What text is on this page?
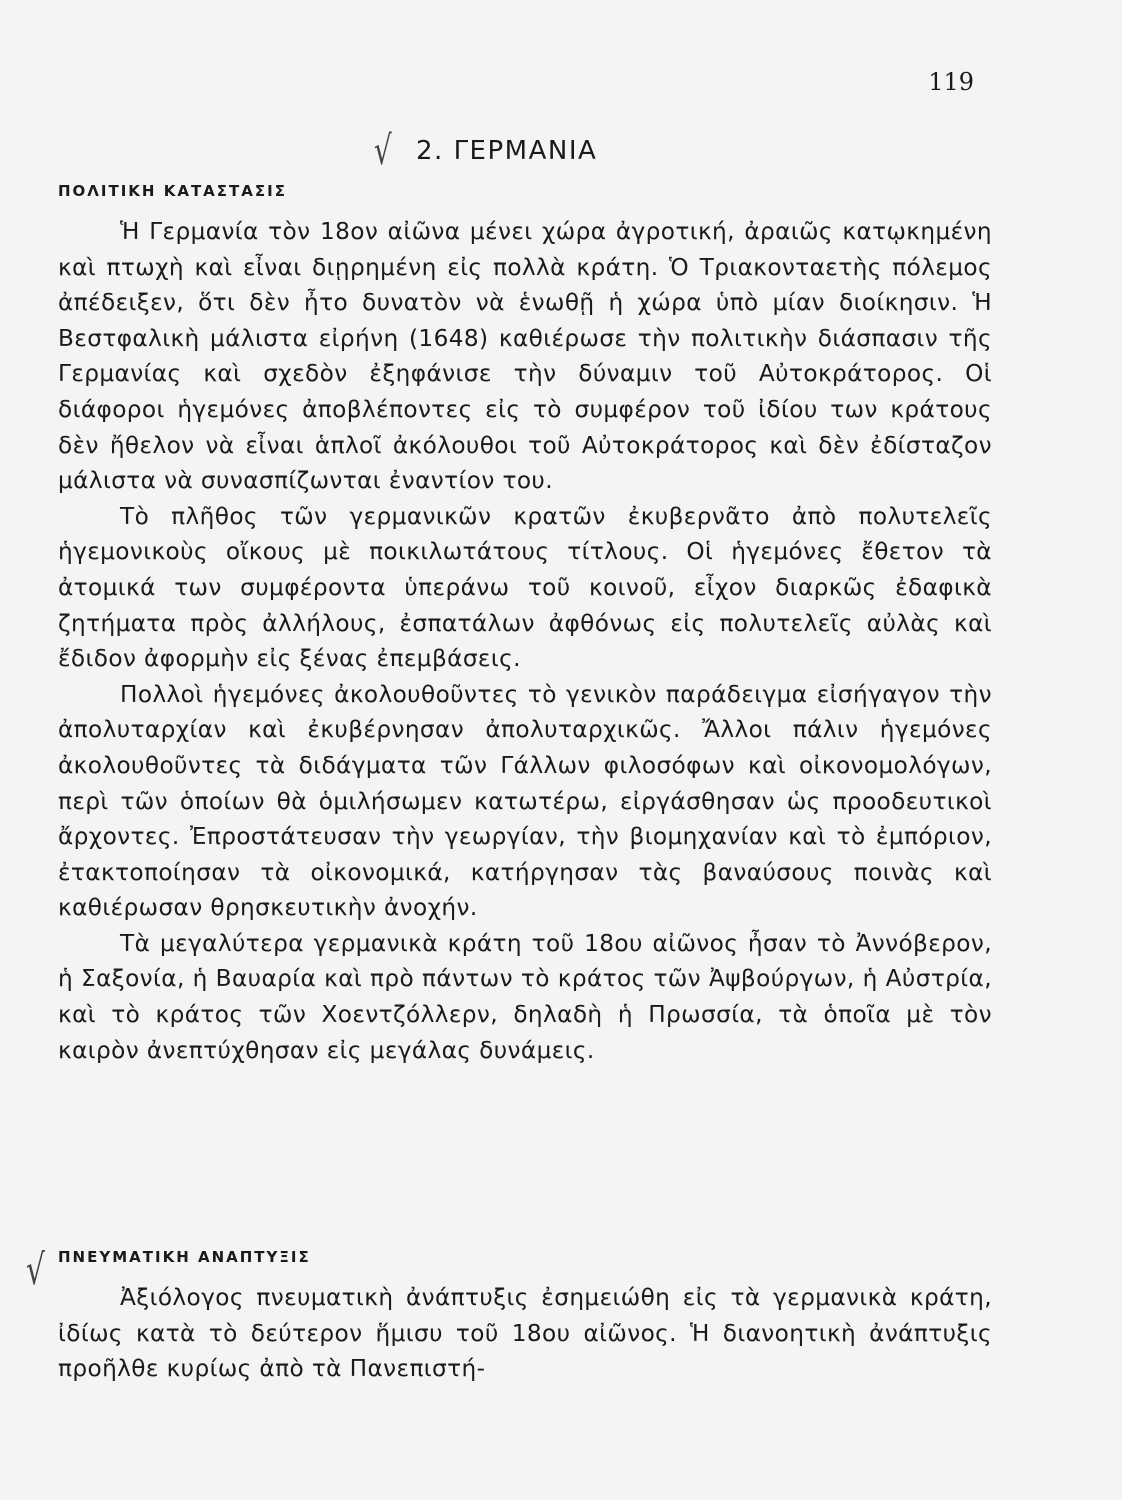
119
√ 2. ΓΕΡΜΑΝΙΑ
ΠΟΛΙΤΙΚΗ ΚΑΤΑΣΤΑΣΙΣ

Ἡ Γερμανία τὸν 18ον αἰῶνα μένει χώρα ἀγροτική, ἀραιῶς κατῳκημένη καὶ πτωχὴ καὶ εἶναι διῃρημένη εἰς πολλὰ κράτη. Ὁ Τριακονταετὴς πόλεμος ἀπέδειξεν, ὅτι δὲν ἦτο δυνατὸν νὰ ἑνωθῇ ἡ χώρα ὑπὸ μίαν διοίκησιν. Ἡ Βεστφαλικὴ μάλιστα εἰρήνη (1648) καθιέρωσε τὴν πολιτικὴν διάσπασιν τῆς Γερμανίας καὶ σχεδὸν ἐξηφάνισε τὴν δύναμιν τοῦ Αὐτοκράτορος. Οἱ διάφοροι ἡγεμόνες ἀποβλέποντες εἰς τὸ συμφέρον τοῦ ἰδίου των κράτους δὲν ἤθελον νὰ εἶναι ἁπλοῖ ἀκόλουθοι τοῦ Αὐτοκράτορος καὶ δὲν ἐδίσταζον μάλιστα νὰ συνασπίζωνται ἐναντίον του.

Τὸ πλῆθος τῶν γερμανικῶν κρατῶν ἐκυβερνᾶτο ἀπὸ πολυτελεῖς ἡγεμονικοὺς οἴκους μὲ ποικιλωτάτους τίτλους. Οἱ ἡγεμόνες ἔθετον τὰ ἀτομικά των συμφέροντα ὑπεράνω τοῦ κοινοῦ, εἶχον διαρκῶς ἐδαφικὰ ζητήματα πρὸς ἀλλήλους, ἐσπατάλων ἀφθόνως εἰς πολυτελεῖς αὐλὰς καὶ ἔδιδον ἀφορμὴν εἰς ξένας ἐπεμβάσεις.

Πολλοὶ ἡγεμόνες ἀκολουθοῦντες τὸ γενικὸν παράδειγμα εἰσήγαγον τὴν ἀπολυταρχίαν καὶ ἐκυβέρνησαν ἀπολυταρχικῶς. Ἄλλοι πάλιν ἡγεμόνες ἀκολουθοῦντες τὰ διδάγματα τῶν Γάλλων φιλοσόφων καὶ οἰκονομολόγων, περὶ τῶν ὁποίων θὰ ὁμιλήσωμεν κατωτέρω, εἰργάσθησαν ὡς προοδευτικοὶ ἄρχοντες. Ἐπροστάτευσαν τὴν γεωργίαν, τὴν βιομηχανίαν καὶ τὸ ἐμπόριον, ἐτακτοποίησαν τὰ οἰκονομικά, κατήργησαν τὰς βαναύσους ποινὰς καὶ καθιέρωσαν θρησκευτικὴν ἀνοχήν.

Τὰ μεγαλύτερα γερμανικὰ κράτη τοῦ 18ου αἰῶνος ἦσαν τὸ Ἀννόβερον, ἡ Σαξονία, ἡ Βαυαρία καὶ πρὸ πάντων τὸ κράτος τῶν Ἀψβούργων, ἡ Αὐστρία, καὶ τὸ κράτος τῶν Χοεντζόλλερν, δηλαδὴ ἡ Πρωσσία, τὰ ὁποῖα μὲ τὸν καιρὸν ἀνεπτύχθησαν εἰς μεγάλας δυνάμεις.

√ ΠΝΕΥΜΑΤΙΚΗ ΑΝΑΠΤΥΞΙΣ

Ἀξιόλογος πνευματικὴ ἀνάπτυξις ἐσημειώθη εἰς τὰ γερμανικὰ κράτη, ἰδίως κατὰ τὸ δεύτερον ἥμισυ τοῦ 18ου αἰῶνος. Ἡ διανοητικὴ ἀνάπτυξις προῆλθε κυρίως ἀπὸ τὰ Πανεπιστή-
